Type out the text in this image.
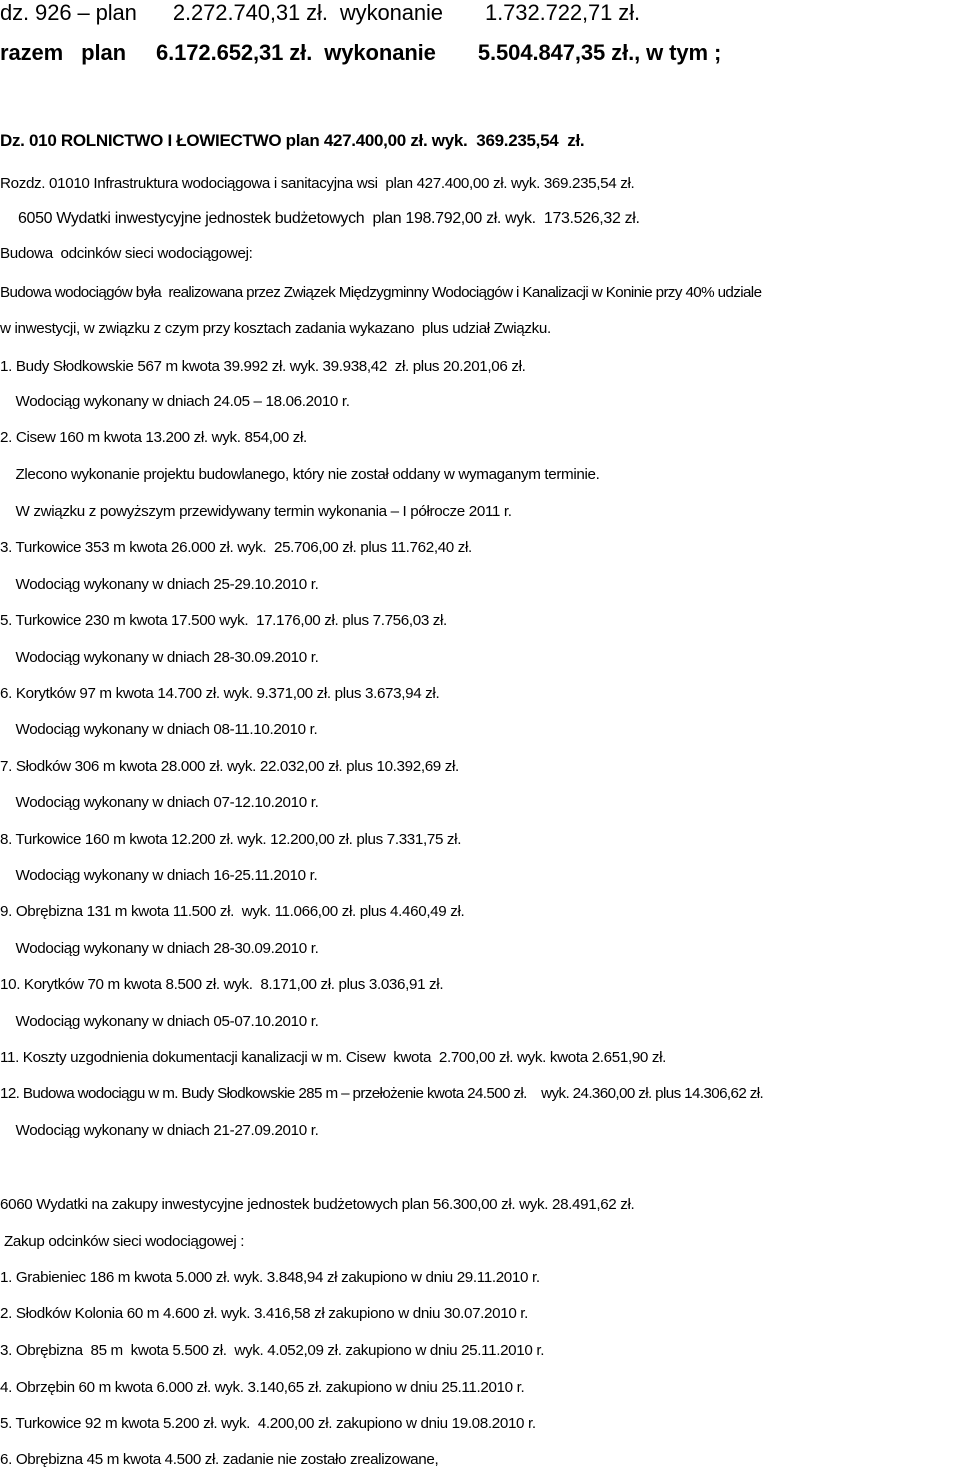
dz. 926 – plan      2.272.740,31 zł.  wykonanie       1.732.722,71 zł.
razem   plan     6.172.652,31 zł.  wykonanie       5.504.847,35 zł., w tym ;
Dz. 010 ROLNICTWO I ŁOWIECTWO plan 427.400,00 zł. wyk.  369.235,54  zł.
Rozdz. 01010 Infrastruktura wodociągowa i sanitacyjna wsi  plan 427.400,00 zł. wyk. 369.235,54 zł.
6050 Wydatki inwestycyjne jednostek budżetowych  plan 198.792,00 zł. wyk.  173.526,32 zł.
Budowa  odcinków sieci wodociągowej:
Budowa wodociągów była  realizowana przez Związek Międzygminny Wodociągów i Kanalizacji w Koninie przy 40% udziale
w inwestycji, w związku z czym przy kosztach zadania wykazano  plus udział Związku.
1. Budy Słodkowskie 567 m kwota 39.992 zł. wyk. 39.938,42  zł. plus 20.201,06 zł.
Wodociąg wykonany w dniach 24.05 – 18.06.2010 r.
2. Cisew 160 m kwota 13.200 zł. wyk. 854,00 zł.
Zlecono wykonanie projektu budowlanego, który nie został oddany w wymaganym terminie.
W związku z powyższym przewidywany termin wykonania – I półrocze 2011 r.
3. Turkowice 353 m kwota 26.000 zł. wyk.  25.706,00 zł. plus 11.762,40 zł.
Wodociąg wykonany w dniach 25-29.10.2010 r.
5. Turkowice 230 m kwota 17.500 wyk.  17.176,00 zł. plus 7.756,03 zł.
Wodociąg wykonany w dniach 28-30.09.2010 r.
6. Korytków 97 m kwota 14.700 zł. wyk. 9.371,00 zł. plus 3.673,94 zł.
Wodociąg wykonany w dniach 08-11.10.2010 r.
7. Słodków 306 m kwota 28.000 zł. wyk. 22.032,00 zł. plus 10.392,69 zł.
Wodociąg wykonany w dniach 07-12.10.2010 r.
8. Turkowice 160 m kwota 12.200 zł. wyk. 12.200,00 zł. plus 7.331,75 zł.
Wodociąg wykonany w dniach 16-25.11.2010 r.
9. Obrębizna 131 m kwota 11.500 zł.  wyk. 11.066,00 zł. plus 4.460,49 zł.
Wodociąg wykonany w dniach 28-30.09.2010 r.
10. Korytków 70 m kwota 8.500 zł. wyk.  8.171,00 zł. plus 3.036,91 zł.
Wodociąg wykonany w dniach 05-07.10.2010 r.
11. Koszty uzgodnienia dokumentacji kanalizacji w m. Cisew  kwota  2.700,00 zł. wyk. kwota 2.651,90 zł.
12. Budowa wodociągu w m. Budy Słodkowskie 285 m – przełożenie kwota 24.500 zł.    wyk. 24.360,00 zł. plus 14.306,62 zł.
Wodociąg wykonany w dniach 21-27.09.2010 r.
6060 Wydatki na zakupy inwestycyjne jednostek budżetowych plan 56.300,00 zł. wyk. 28.491,62 zł.
Zakup odcinków sieci wodociągowej :
1. Grabieniec 186 m kwota 5.000 zł. wyk. 3.848,94 zł zakupiono w dniu 29.11.2010 r.
2. Słodków Kolonia 60 m 4.600 zł. wyk. 3.416,58 zł zakupiono w dniu 30.07.2010 r.
3. Obrębizna  85 m  kwota 5.500 zł.  wyk. 4.052,09 zł. zakupiono w dniu 25.11.2010 r.
4. Obrzębin 60 m kwota 6.000 zł. wyk. 3.140,65 zł. zakupiono w dniu 25.11.2010 r.
5. Turkowice 92 m kwota 5.200 zł. wyk.  4.200,00 zł. zakupiono w dniu 19.08.2010 r.
6. Obrębizna 45 m kwota 4.500 zł. zadanie nie zostało zrealizowane,
